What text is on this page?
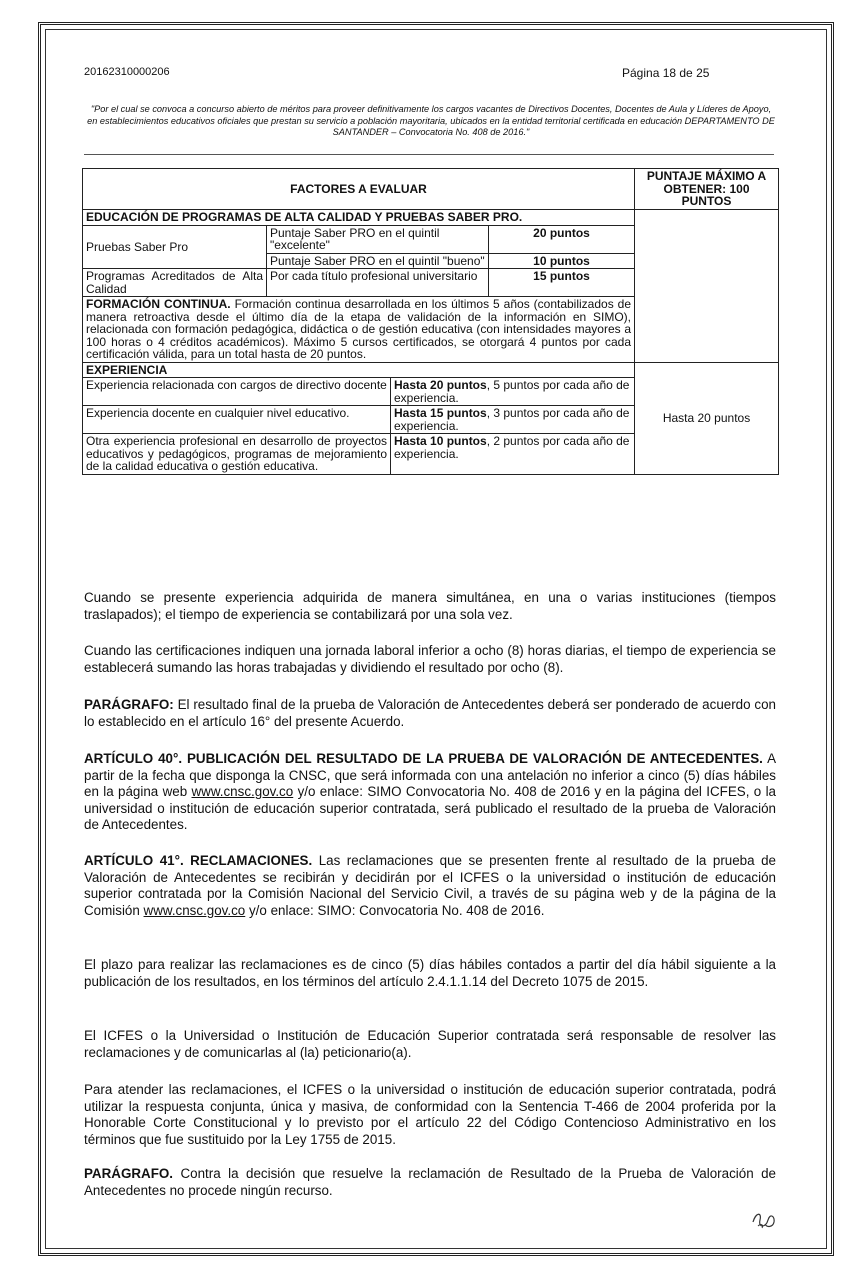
20162310000206	Página 18 de 25
"Por el cual se convoca a concurso abierto de méritos para proveer definitivamente los cargos vacantes de Directivos Docentes, Docentes de Aula y Líderes de Apoyo, en establecimientos educativos oficiales que prestan su servicio a población mayoritaria, ubicados en la entidad territorial certificada en educación DEPARTAMENTO DE SANTANDER – Convocatoria No. 408 de 2016."
FACTORES A EVALUAR				PUNTAJE MÁXIMO A OBTENER: 100 PUNTOS
EDUCACIÓN DE PROGRAMAS DE ALTA CALIDAD Y PRUEBAS SABER PRO.				
Pruebas Saber Pro	Puntaje Saber PRO en el quintil "excelente"		20 puntos	
	Puntaje Saber PRO en el quintil "bueno"		10 puntos	
Programas Acreditados de Alta Calidad	Por cada título profesional universitario		15 puntos	
FORMACIÓN CONTINUA. Formación continua desarrollada en los últimos 5 años (contabilizados de manera retroactiva desde el último día de la etapa de validación de la información en SIMO), relacionada con formación pedagógica, didáctica o de gestión educativa (con intensidades mayores a 100 horas o 4 créditos académicos). Máximo 5 cursos certificados, se otorgará 4 puntos por cada certificación válida, para un total hasta de 20 puntos.				
EXPERIENCIA				Hasta 20 puntos
Experiencia relacionada con cargos de directivo docente		Hasta 20 puntos, 5 puntos por cada año de experiencia.		
Experiencia docente en cualquier nivel educativo.		Hasta 15 puntos, 3 puntos por cada año de experiencia.		
Otra experiencia profesional en desarrollo de proyectos educativos y pedagógicos, programas de mejoramiento de la calidad educativa o gestión educativa.		Hasta 10 puntos, 2 puntos por cada año de experiencia.		

Cuando se presente experiencia adquirida de manera simultánea, en una o varias instituciones (tiempos traslapados); el tiempo de experiencia se contabilizará por una sola vez.

Cuando las certificaciones indiquen una jornada laboral inferior a ocho (8) horas diarias, el tiempo de experiencia se establecerá sumando las horas trabajadas y dividiendo el resultado por ocho (8).

PARÁGRAFO: El resultado final de la prueba de Valoración de Antecedentes deberá ser ponderado de acuerdo con lo establecido en el artículo 16° del presente Acuerdo.

ARTÍCULO 40°. PUBLICACIÓN DEL RESULTADO DE LA PRUEBA DE VALORACIÓN DE ANTECEDENTES. A partir de la fecha que disponga la CNSC, que será informada con una antelación no inferior a cinco (5) días hábiles en la página web www.cnsc.gov.co y/o enlace: SIMO Convocatoria No. 408 de 2016 y en la página del ICFES, o la universidad o institución de educación superior contratada, será publicado el resultado de la prueba de Valoración de Antecedentes.

ARTÍCULO 41°. RECLAMACIONES. Las reclamaciones que se presenten frente al resultado de la prueba de Valoración de Antecedentes se recibirán y decidirán por el ICFES o la universidad o institución de educación superior contratada por la Comisión Nacional del Servicio Civil, a través de su página web y de la página de la Comisión www.cnsc.gov.co y/o enlace: SIMO: Convocatoria No. 408 de 2016.

El plazo para realizar las reclamaciones es de cinco (5) días hábiles contados a partir del día hábil siguiente a la publicación de los resultados, en los términos del artículo 2.4.1.1.14 del Decreto 1075 de 2015.

El ICFES o la Universidad o Institución de Educación Superior contratada será responsable de resolver las reclamaciones y de comunicarlas al (la) peticionario(a).

Para atender las reclamaciones, el ICFES o la universidad o institución de educación superior contratada, podrá utilizar la respuesta conjunta, única y masiva, de conformidad con la Sentencia T-466 de 2004 proferida por la Honorable Corte Constitucional y lo previsto por el artículo 22 del Código Contencioso Administrativo en los términos que fue sustituido por la Ley 1755 de 2015.

PARÁGRAFO. Contra la decisión que resuelve la reclamación de Resultado de la Prueba de Valoración de Antecedentes no procede ningún recurso.
